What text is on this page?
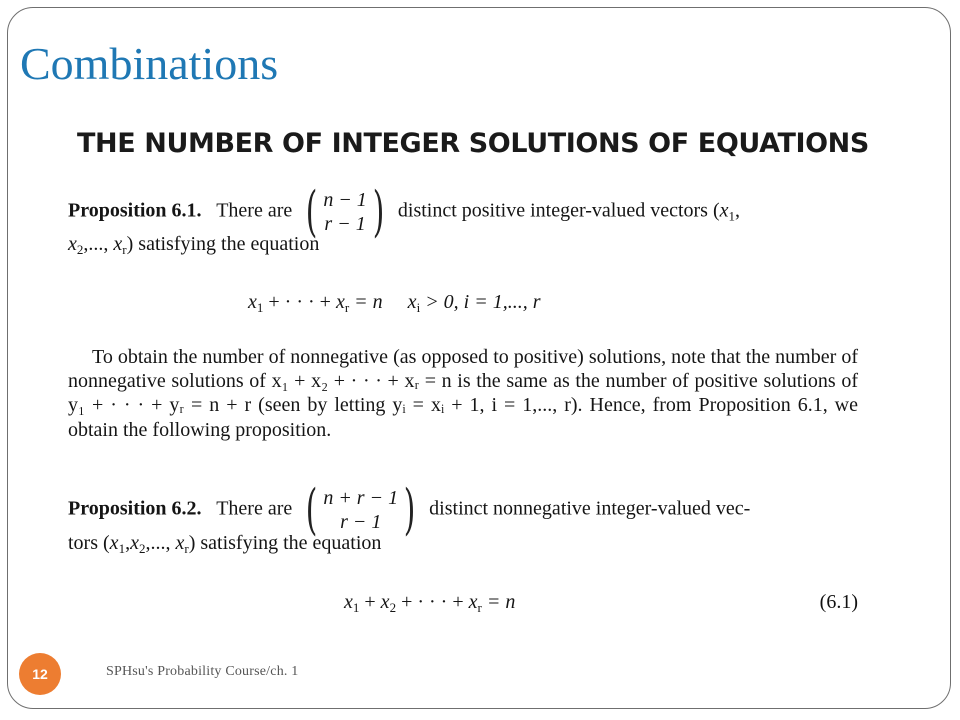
Combinations
THE NUMBER OF INTEGER SOLUTIONS OF EQUATIONS
Proposition 6.1. There are ( n − 1
r − 1 ) distinct positive integer-valued vectors ($x_1$,
$x_2$,..., $x_r$) satisfying the equation
$x_1$ + · · · + $x_r = n$ $x_i > 0$, i = 1,..., r

To obtain the number of nonnegative (as opposed to positive) solutions, note that the number of nonnegative solutions of x₁ + x₂ + · · · + xᵣ = n is the same as the number of positive solutions of y₁ + · · · + yᵣ = n + r (seen by letting yᵢ = xᵢ + 1, i = 1,..., r). Hence, from Proposition 6.1, we obtain the following proposition.

Proposition 6.2. There are ( n + r − 1
r − 1 ) distinct nonnegative integer-valued vec-
tors ($x_1,x_2$,..., $x_r$) satisfying the equation
$x_1 + x_2$ + · · · + $x_r = n$	(6.1)
12	SPHsu's Probability Course/ch. 1
